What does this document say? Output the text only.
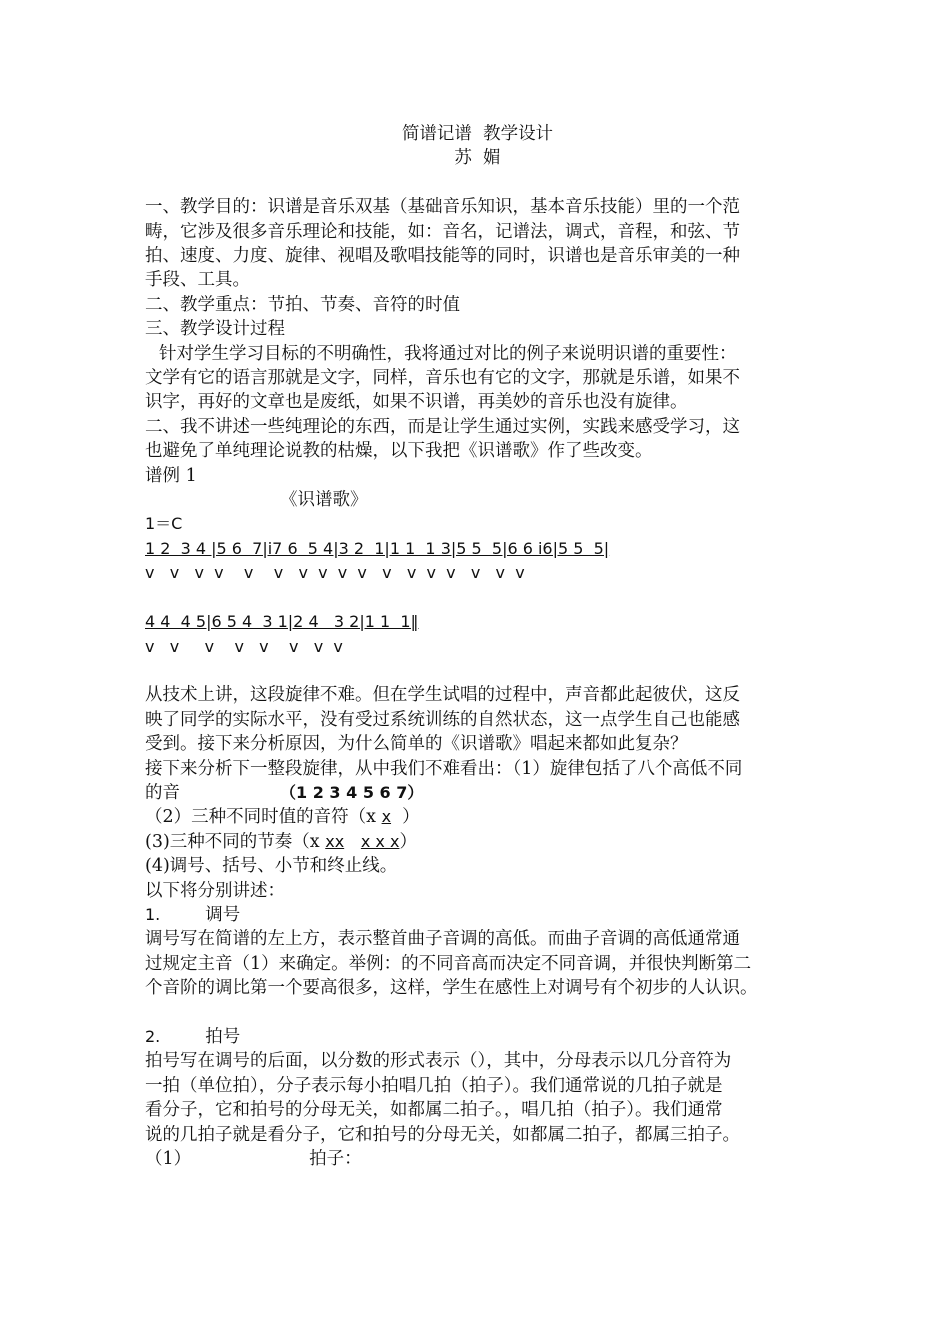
简谱记谱  教学设计
苏  媚
一、教学目的：识谱是音乐双基（基础音乐知识，基本音乐技能）里的一个范
畴，它涉及很多音乐理论和技能，如：音名，记谱法，调式，音程，和弦、节
拍、速度、力度、旋律、视唱及歌唱技能等的同时，识谱也是音乐审美的一种
手段、工具。
二、教学重点：节拍、节奏、音符的时值
三、教学设计过程
针对学生学习目标的不明确性，我将通过对比的例子来说明识谱的重要性：
文学有它的语言那就是文字，同样，音乐也有它的文字，那就是乐谱，如果不
识字，再好的文章也是废纸，如果不识谱，再美妙的音乐也没有旋律。
二、我不讲述一些纯理论的东西，而是让学生通过实例，实践来感受学习，这
也避免了单纯理论说教的枯燥，以下我把《识谱歌》作了些改变。
谱例 1
《识谱歌》
1＝C
1 2  3 4 |5 6  7|i7 6  5 4|3 2  1|1 1  1 3|5 5  5|6 6 i6|5 5  5|
v   v   v  v    v    v   v  v  v  v   v   v  v  v   v   v  v
4 4  4 5|6 5 4  3 1|2 4   3 2|1 1  1‖
v   v     v    v   v    v   v  v
从技术上讲，这段旋律不难。但在学生试唱的过程中，声音都此起彼伏，这反
映了同学的实际水平，没有受过系统训练的自然状态，这一点学生自己也能感
受到。接下来分析原因，为什么简单的《识谱歌》唱起来都如此复杂？
接下来分析下一整段旋律，从中我们不难看出：（1）旋律包括了八个高低不同
的音	（1 2 3 4 5 6 7）
（2）三种不同时值的音符（x x  ）
(3)三种不同的节奏（x xx x x x）
(4)调号、括号、小节和终止线。
以下将分别讲述：
1.	调号
调号写在简谱的左上方，表示整首曲子音调的高低。而曲子音调的高低通常通
过规定主音（1）来确定。举例：的不同音高而决定不同音调，并很快判断第二
个音阶的调比第一个要高很多，这样，学生在感性上对调号有个初步的人认识。
2.	拍号
拍号写在调号的后面，以分数的形式表示（），其中，分母表示以几分音符为
一拍（单位拍），分子表示每小拍唱几拍（拍子）。我们通常说的几拍子就是
看分子，它和拍号的分母无关，如都属二拍子。，唱几拍（拍子）。我们通常
说的几拍子就是看分子，它和拍号的分母无关，如都属二拍子，都属三拍子。
（1）	拍子：
